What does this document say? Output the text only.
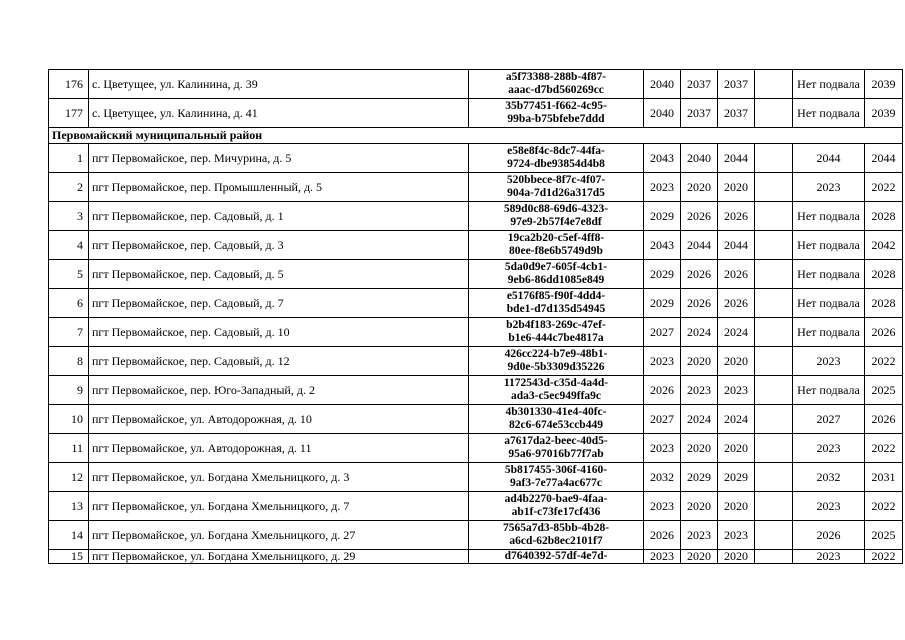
176	с. Цветущее, ул. Калинина, д. 39	a5f73388-288b-4f87-
aaac-d7bd560269cc	2040	2037	2037		Нет подвала	2039
177	с. Цветущее, ул. Калинина, д. 41	35b77451-f662-4c95-
99ba-b75bfebe7ddd	2040	2037	2037		Нет подвала	2039
Первомайский муниципальный район								
1	пгт Первомайское, пер. Мичурина, д. 5	e58e8f4c-8dc7-44fa-
9724-dbe93854d4b8	2043	2040	2044		2044	2044
2	пгт Первомайское, пер. Промышленный, д. 5	520bbece-8f7c-4f07-
904a-7d1d26a317d5	2023	2020	2020		2023	2022
3	пгт Первомайское, пер. Садовый, д. 1	589d0c88-69d6-4323-
97e9-2b57f4e7e8df	2029	2026	2026		Нет подвала	2028
4	пгт Первомайское, пер. Садовый, д. 3	19ca2b20-c5ef-4ff8-
80ee-f8e6b5749d9b	2043	2044	2044		Нет подвала	2042
5	пгт Первомайское, пер. Садовый, д. 5	5da0d9e7-605f-4cb1-
9eb6-86dd1085e849	2029	2026	2026		Нет подвала	2028
6	пгт Первомайское, пер. Садовый, д. 7	e5176f85-f90f-4dd4-
bde1-d7d135d54945	2029	2026	2026		Нет подвала	2028
7	пгт Первомайское, пер. Садовый, д. 10	b2b4f183-269c-47ef-
b1e6-444c7be4817a	2027	2024	2024		Нет подвала	2026
8	пгт Первомайское, пер. Садовый, д. 12	426cc224-b7e9-48b1-
9d0e-5b3309d35226	2023	2020	2020		2023	2022
9	пгт Первомайское, пер. Юго-Западный, д. 2	1172543d-c35d-4a4d-
ada3-c5ec949ffa9c	2026	2023	2023		Нет подвала	2025
10	пгт Первомайское, ул. Автодорожная, д. 10	4b301330-41e4-40fc-
82c6-674e53ccb449	2027	2024	2024		2027	2026
11	пгт Первомайское, ул. Автодорожная, д. 11	a7617da2-beec-40d5-
95a6-97016b77f7ab	2023	2020	2020		2023	2022
12	пгт Первомайское, ул. Богдана Хмельницкого, д. 3	5b817455-306f-4160-
9af3-7e77a4ac677c	2032	2029	2029		2032	2031
13	пгт Первомайское, ул. Богдана Хмельницкого, д. 7	ad4b2270-bae9-4faa-
ab1f-c73fe17cf436	2023	2020	2020		2023	2022
14	пгт Первомайское, ул. Богдана Хмельницкого, д. 27	7565a7d3-85bb-4b28-
a6cd-62b8ec2101f7	2026	2023	2023		2026	2025
15	пгт Первомайское, ул. Богдана Хмельницкого, д. 29	d7640392-57df-4e7d-	2023	2020	2020		2023	2022
